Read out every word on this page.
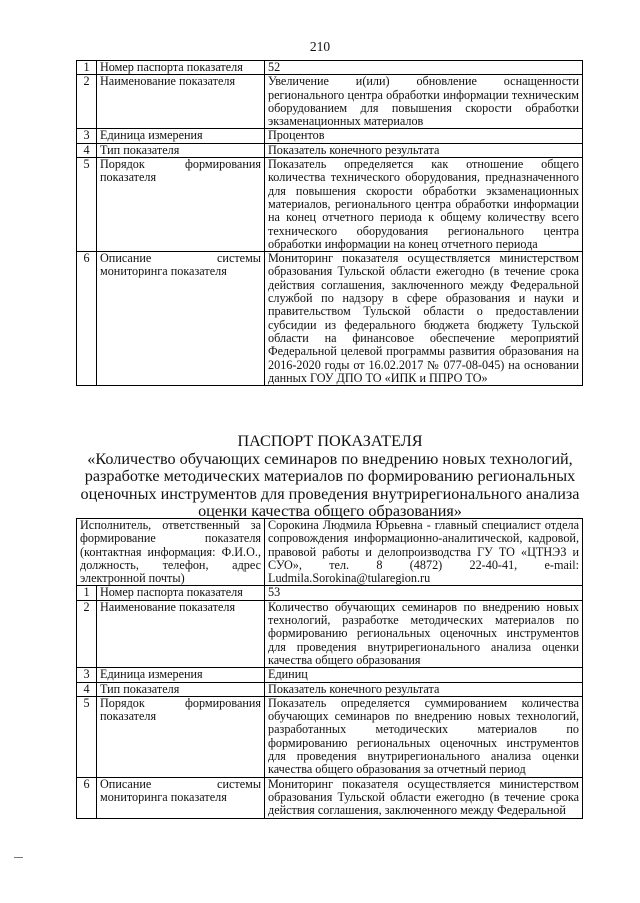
210
1	Номер паспорта показателя	52
2	Наименование показателя	Увеличение и(или) обновление оснащенности регионального центра обработки информации техническим оборудованием для повышения скорости обработки экзаменационных материалов
3	Единица измерения	Процентов
4	Тип показателя	Показатель конечного результата
5	Порядок формирования показателя	Показатель определяется как отношение общего количества технического оборудования, предназначенного для повышения скорости обработки экзаменационных материалов, регионального центра обработки информации на конец отчетного периода к общему количеству всего технического оборудования регионального центра обработки информации на конец отчетного периода
6	Описание системы мониторинга показателя	Мониторинг показателя осуществляется министерством образования Тульской области ежегодно (в течение срока действия соглашения, заключенного между Федеральной службой по надзору в сфере образования и науки и правительством Тульской области о предоставлении субсидии из федерального бюджета бюджету Тульской области на финансовое обеспечение мероприятий Федеральной целевой программы развития образования на 2016-2020 годы от 16.02.2017 № 077-08-045) на основании данных ГОУ ДПО ТО «ИПК и ППРО ТО»
ПАСПОРТ ПОКАЗАТЕЛЯ
«Количество обучающих семинаров по внедрению новых технологий, разработке методических материалов по формированию региональных оценочных инструментов для проведения внутрирегионального анализа оценки качества общего образования»
Исполнитель, ответственный за формирование показателя (контактная информация: Ф.И.О., должность, телефон, адрес электронной почты)		Сорокина Людмила Юрьевна - главный специалист отдела сопровождения информационно-аналитической, кадровой, правовой работы и делопроизводства ГУ ТО «ЦТНЭЗ и СУО», тел. 8 (4872) 22-40-41, e-mail: Ludmila.Sorokina@tularegion.ru
1	Номер паспорта показателя	53
2	Наименование показателя	Количество обучающих семинаров по внедрению новых технологий, разработке методических материалов по формированию региональных оценочных инструментов для проведения внутрирегионального анализа оценки качества общего образования
3	Единица измерения	Единиц
4	Тип показателя	Показатель конечного результата
5	Порядок формирования показателя	Показатель определяется суммированием количества обучающих семинаров по внедрению новых технологий, разработанных методических материалов по формированию региональных оценочных инструментов для проведения внутрирегионального анализа оценки качества общего образования за отчетный период
6	Описание системы мониторинга показателя	Мониторинг показателя осуществляется министерством образования Тульской области ежегодно (в течение срока действия соглашения, заключенного между Федеральной
